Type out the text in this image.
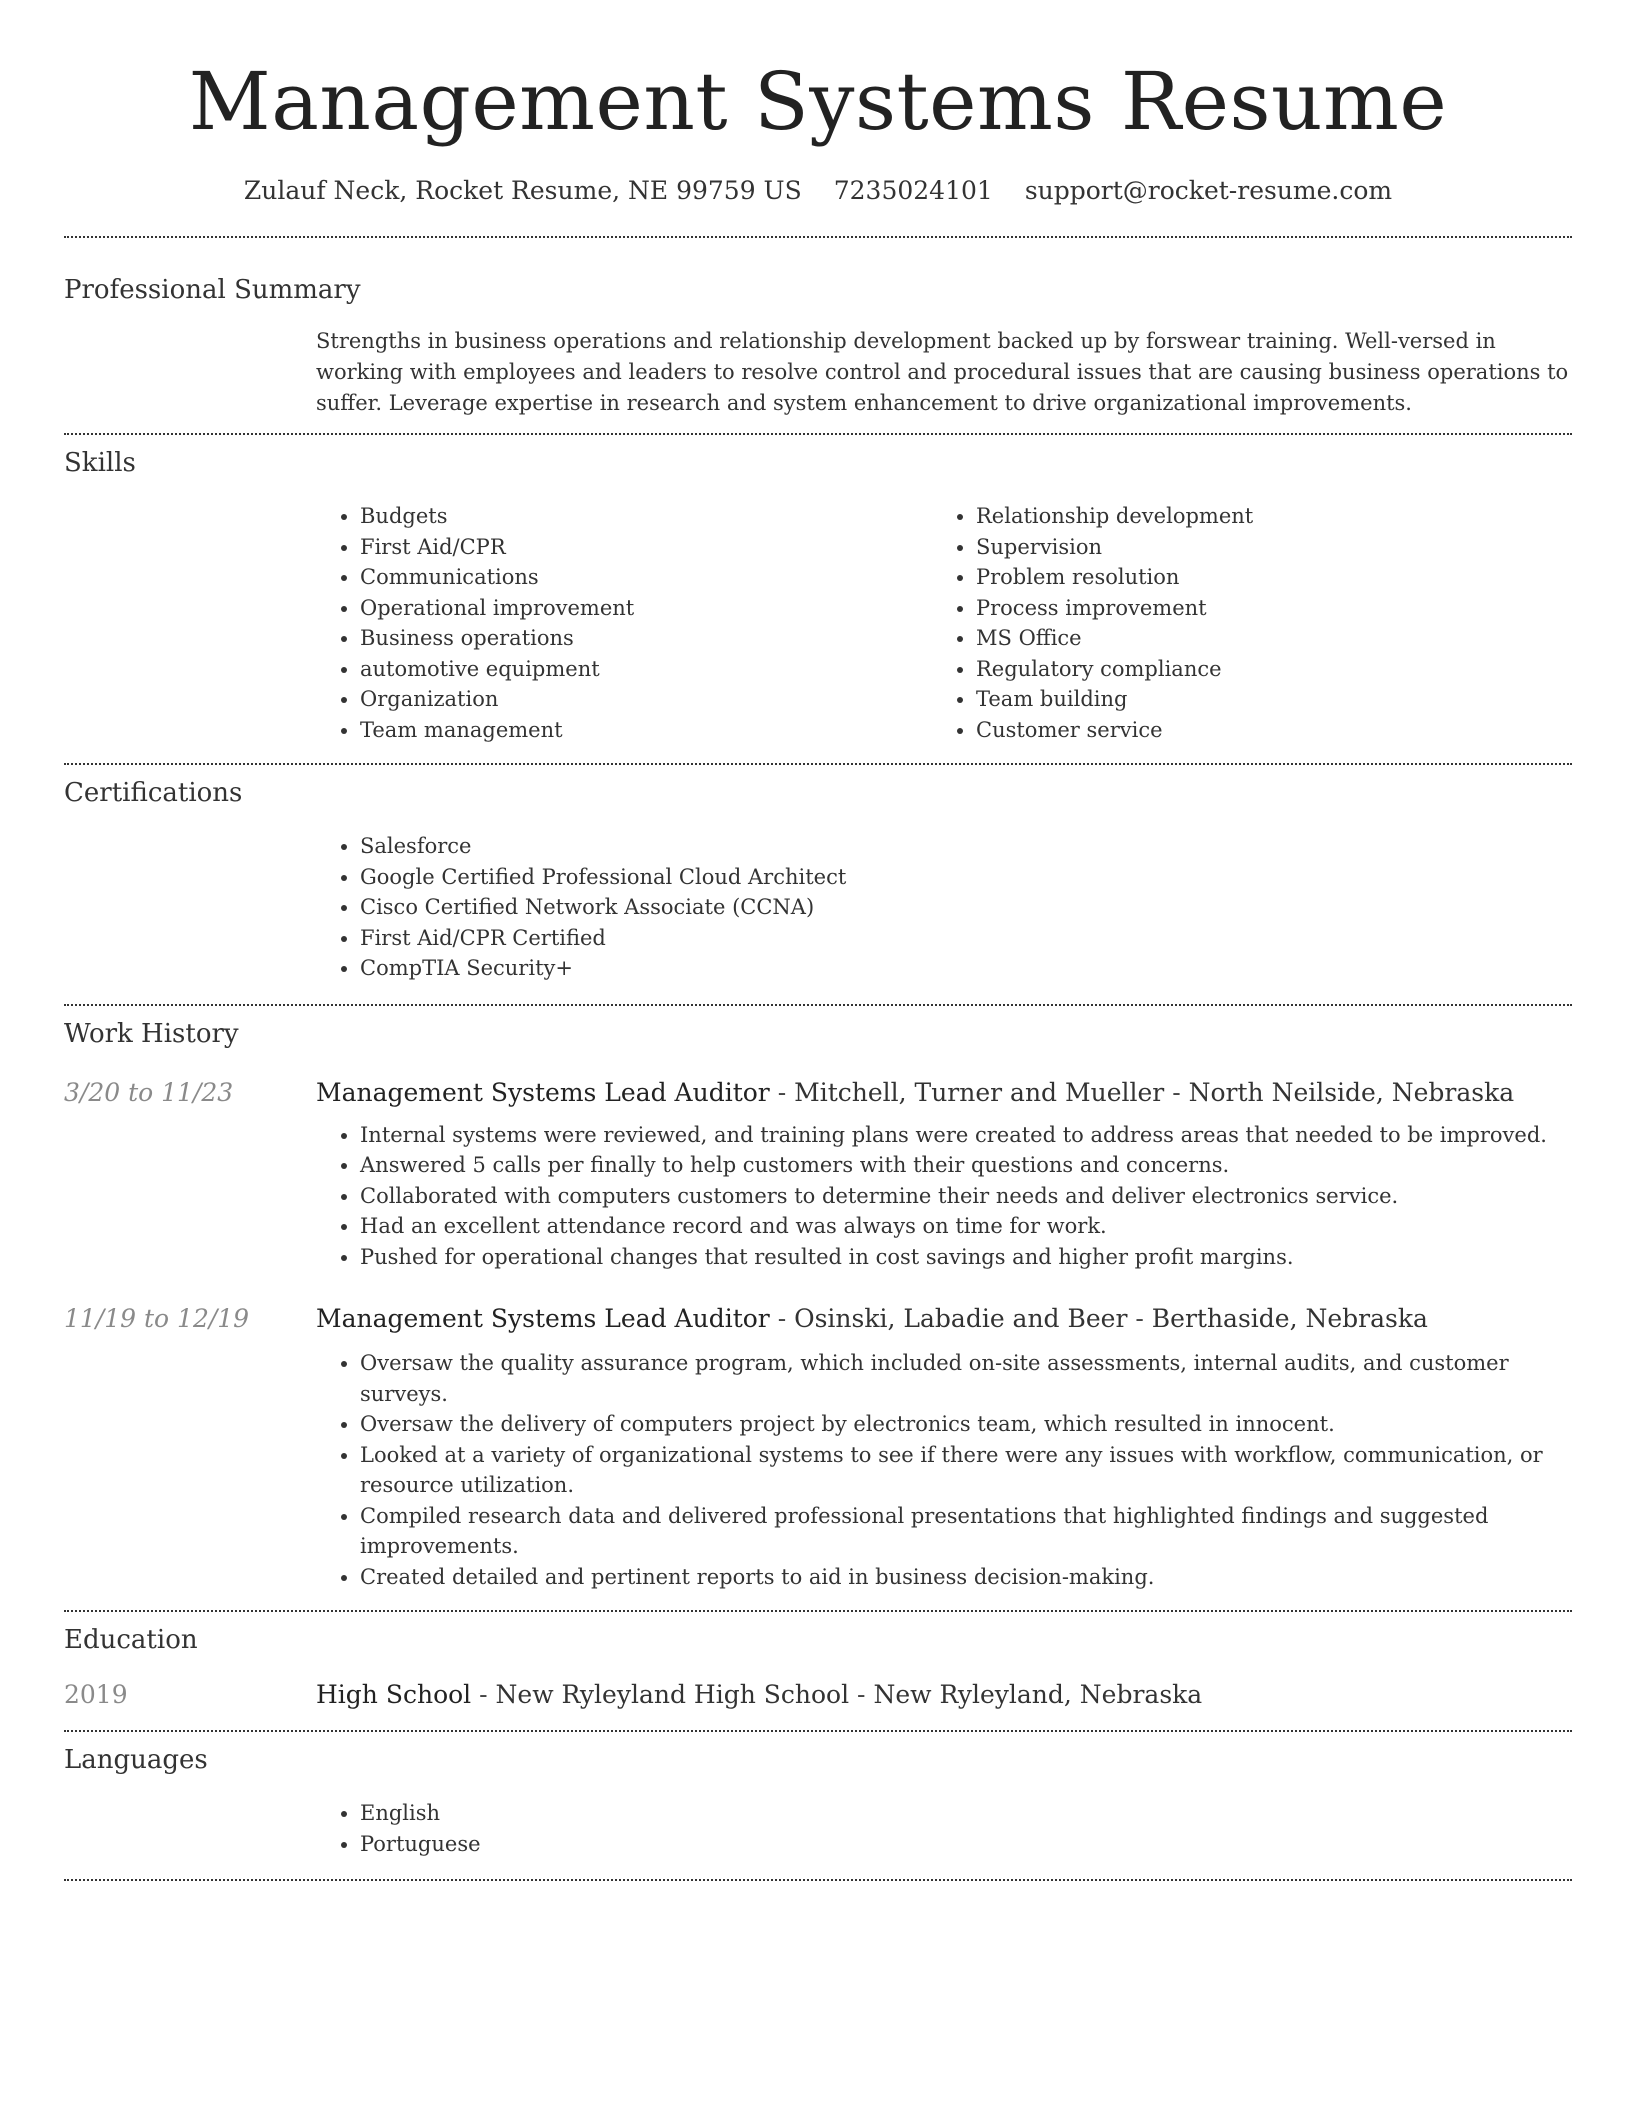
Management Systems Resume
Zulauf Neck, Rocket Resume, NE 99759 US 7235024101 support@rocket-resume.com
Professional Summary
Strengths in business operations and relationship development backed up by forswear training. Well-versed in working with employees and leaders to resolve control and procedural issues that are causing business operations to suffer. Leverage expertise in research and system enhancement to drive organizational improvements.
Skills
• Budgets
• First Aid/CPR
• Communications
• Operational improvement
• Business operations
• automotive equipment
• Organization
• Team management
• Relationship development
• Supervision
• Problem resolution
• Process improvement
• MS Office
• Regulatory compliance
• Team building
• Customer service
Certifications
• Salesforce
• Google Certified Professional Cloud Architect
• Cisco Certified Network Associate (CCNA)
• First Aid/CPR Certified
• CompTIA Security+
Work History
3/20 to 11/23	Management Systems Lead Auditor - Mitchell, Turner and Mueller - North Neilside, Nebraska
• Internal systems were reviewed, and training plans were created to address areas that needed to be improved.
• Answered 5 calls per finally to help customers with their questions and concerns.
• Collaborated with computers customers to determine their needs and deliver electronics service.
• Had an excellent attendance record and was always on time for work.
• Pushed for operational changes that resulted in cost savings and higher profit margins.
11/19 to 12/19	Management Systems Lead Auditor - Osinski, Labadie and Beer - Berthaside, Nebraska
• Oversaw the quality assurance program, which included on-site assessments, internal audits, and customer surveys.
• Oversaw the delivery of computers project by electronics team, which resulted in innocent.
• Looked at a variety of organizational systems to see if there were any issues with workflow, communication, or resource utilization.
• Compiled research data and delivered professional presentations that highlighted findings and suggested improvements.
• Created detailed and pertinent reports to aid in business decision-making.
Education
2019	High School - New Ryleyland High School - New Ryleyland, Nebraska
Languages
• English
• Portuguese
